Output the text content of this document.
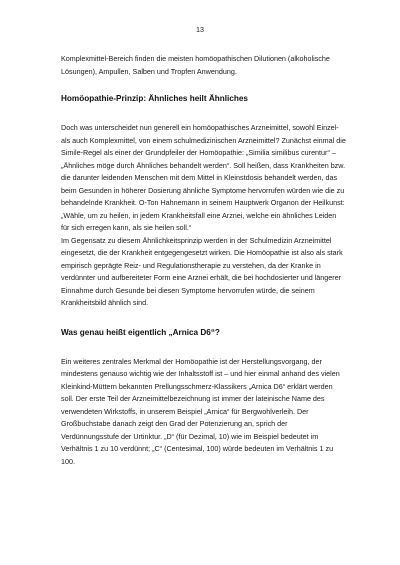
13

Komplexmittel-Bereich finden die meisten homöopathischen Dilutionen (alkoholische Lösungen), Ampullen, Salben und Tropfen Anwendung.

Homöopathie-Prinzip: Ähnliches heilt Ähnliches

Doch was unterscheidet nun generell ein homöopathisches Arzneimittel, sowohl Einzel- als auch Komplexmittel, von einem schulmedizinischen Arzneimittel? Zunächst einmal die Simile-Regel als einer der Grundpfeiler der Homöopathie: „Similia similibus curentur“ – „Ähnliches möge durch Ähnliches behandelt werden“. Soll heißen, dass Krankheiten bzw. die darunter leidenden Menschen mit dem Mittel in Kleinstdosis behandelt werden, das beim Gesunden in höherer Dosierung ähnliche Symptome hervorrufen würden wie die zu behandelnde Krankheit. O-Ton Hahnemann in seinem Hauptwerk Organon der Heilkunst: „Wähle, um zu heilen, in jedem Krankheitsfall eine Arznei, welche ein ähnliches Leiden für sich erregen kann, als sie heilen soll.“

Im Gegensatz zu diesem Ähnlichkeitsprinzip werden in der Schulmedizin Arzneimittel eingesetzt, die der Krankheit entgegengesetzt wirken. Die Homöopathie ist also als stark empirisch geprägte Reiz- und Regulationstherapie zu verstehen, da der Kranke in verdünnter und aufbereiteter Form eine Arznei erhält, die bei hochdosierter und längerer Einnahme durch Gesunde bei diesen Symptome hervorrufen würde, die seinem Krankheitsbild ähnlich sind.

Was genau heißt eigentlich „Arnica D6“?

Ein weiteres zentrales Merkmal der Homöopathie ist der Herstellungsvorgang, der mindestens genauso wichtig wie der Inhaltsstoff ist – und hier einmal anhand des vielen Kleinkind-Müttern bekannten Prellungsschmerz-Klassikers „Arnica D6“ erklärt werden soll. Der erste Teil der Arzneimittelbezeichnung ist immer der lateinische Name des verwendeten Wirkstoffs, in unserem Beispiel „Arnica“ für Bergwohlverleih. Der Großbuchstabe danach zeigt den Grad der Potenzierung an, sprich der Verdünnungsstufe der Urtinktur. „D“ (für Dezimal, 10) wie im Beispiel bedeutet im Verhältnis 1 zu 10 verdünnt; „C“ (Centesimal, 100) würde bedeuten im Verhältnis 1 zu 100.
